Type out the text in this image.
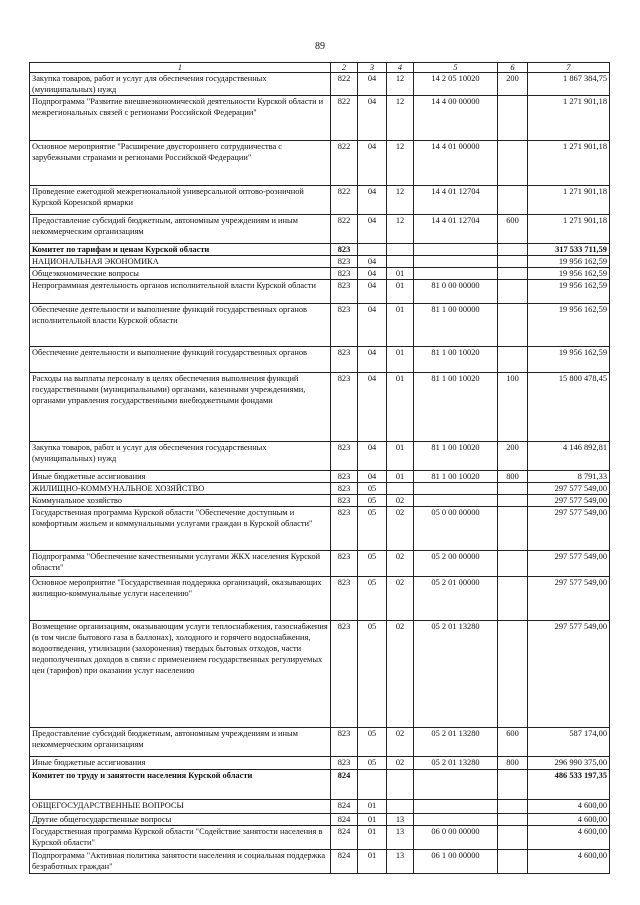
89
1	2	3	4	5	6	7
Закупка товаров, работ и услуг для обеспечения государственных (муниципальных) нужд	822	04	12	14 2 05 10020	200	1 867 384,75
Подпрограмма "Развитие внешнеэкономической деятельности Курской области и межрегиональных связей с регионами Российской Федерации"	822	04	12	14 4 00 00000		1 271 901,18
Основное мероприятие "Расширение двустороннего сотрудничества с зарубежными странами и регионами Российской Федерации"	822	04	12	14 4 01 00000		1 271 901,18
Проведение ежегодной межрегиональной универсальной оптово-розничной Курской Коренской ярмарки	822	04	12	14 4 01 12704		1 271 901,18
Предоставление субсидий бюджетным, автономным учреждениям и иным некоммерческим организациям	822	04	12	14 4 01 12704	600	1 271 901,18
Комитет по тарифам и ценам Курской области	823					317 533 711,59
НАЦИОНАЛЬНАЯ ЭКОНОМИКА	823	04				19 956 162,59
Общеэкономические вопросы	823	04	01			19 956 162,59
Непрограммная деятельность органов исполнительной власти Курской области	823	04	01	81 0 00 00000		19 956 162,59
Обеспечение деятельности и выполнение функций государственных органов исполнительной власти Курской области	823	04	01	81 1 00 00000		19 956 162,59
Обеспечение деятельности и выполнение функций государственных органов	823	04	01	81 1 00 10020		19 956 162,59
Расходы на выплаты персоналу в целях обеспечения выполнения функций государственными (муниципальными) органами, казенными учреждениями, органами управления государственными внебюджетными фондами	823	04	01	81 1 00 10020	100	15 800 478,45
Закупка товаров, работ и услуг для обеспечения государственных (муниципальных) нужд	823	04	01	81 1 00 10020	200	4 146 892,81
Иные бюджетные ассигнования	823	04	01	81 1 00 10020	800	8 791,33
ЖИЛИЩНО-КОММУНАЛЬНОЕ ХОЗЯЙСТВО	823	05				297 577 549,00
Коммунальное хозяйство	823	05	02			297 577 549,00
Государственная программа Курской области "Обеспечение доступным и комфортным жильем и коммунальными услугами граждан в Курской области"	823	05	02	05 0 00 00000		297 577 549,00
Подпрограмма "Обеспечение качественными услугами ЖКХ населения Курской области"	823	05	02	05 2 00 00000		297 577 549,00
Основное мероприятие "Государственная поддержка организаций, оказывающих жилищно-коммунальные услуги населению"	823	05	02	05 2 01 00000		297 577 549,00
Возмещение организациям, оказывающим услуги теплоснабжения, газоснабжения (в том числе бытового газа в баллонах), холодного и горячего водоснабжения, водоотведения, утилизации (захоронения) твердых бытовых отходов, части недополученных доходов в связи с применением государственных регулируемых цен (тарифов) при оказании услуг населению	823	05	02	05 2 01 13280		297 577 549,00
Предоставление субсидий бюджетным, автономным учреждениям и иным некоммерческим организациям	823	05	02	05 2 01 13280	600	587 174,00
Иные бюджетные ассигнования	823	05	02	05 2 01 13280	800	296 990 375,00
Комитет по труду и занятости населения Курской области	824					486 533 197,35
ОБЩЕГОСУДАРСТВЕННЫЕ ВОПРОСЫ	824	01				4 600,00
Другие общегосударственные вопросы	824	01	13			4 600,00
Государственная программа Курской области "Содействие занятости населения в Курской области"	824	01	13	06 0 00 00000		4 600,00
Подпрограмма "Активная политика занятости населения и социальная поддержка безработных граждан"	824	01	13	06 1 00 00000		4 600,00
